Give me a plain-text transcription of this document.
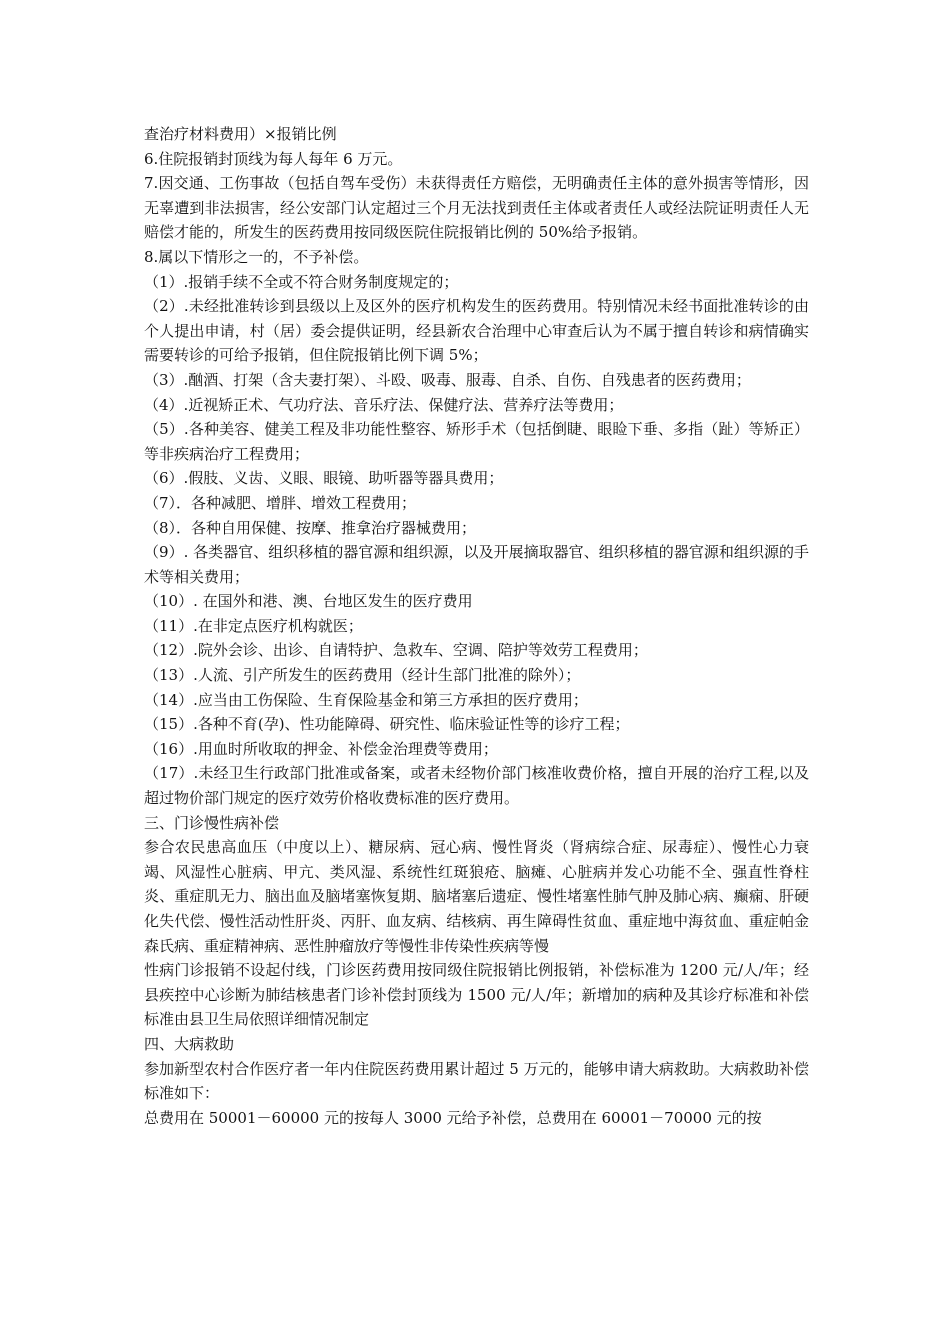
查治疗材料费用）×报销比例

6.住院报销封顶线为每人每年 6 万元。

7.因交通、工伤事故（包括自驾车受伤）未获得责任方赔偿，无明确责任主体的意外损害等情形，因无辜遭到非法损害，经公安部门认定超过三个月无法找到责任主体或者责任人或经法院证明责任人无赔偿才能的，所发生的医药费用按同级医院住院报销比例的 50%给予报销。

8.属以下情形之一的，不予补偿。

（1）.报销手续不全或不符合财务制度规定的；

（2）.未经批准转诊到县级以上及区外的医疗机构发生的医药费用。特别情况未经书面批准转诊的由个人提出申请，村（居）委会提供证明，经县新农合治理中心审查后认为不属于擅自转诊和病情确实需要转诊的可给予报销，但住院报销比例下调 5%；

（3）.酗酒、打架（含夫妻打架）、斗殴、吸毒、服毒、自杀、自伤、自残患者的医药费用；

（4）.近视矫正术、气功疗法、音乐疗法、保健疗法、营养疗法等费用；

（5）.各种美容、健美工程及非功能性整容、矫形手术（包括倒睫、眼睑下垂、多指（趾）等矫正）等非疾病治疗工程费用；

（6）.假肢、义齿、义眼、眼镜、助听器等器具费用；

（7）．各种减肥、增胖、增效工程费用；

（8）．各种自用保健、按摩、推拿治疗器械费用；

（9）. 各类器官、组织移植的器官源和组织源，以及开展摘取器官、组织移植的器官源和组织源的手术等相关费用；

（10）. 在国外和港、澳、台地区发生的医疗费用

（11）.在非定点医疗机构就医；

（12）.院外会诊、出诊、自请特护、急救车、空调、陪护等效劳工程费用；

（13）.人流、引产所发生的医药费用（经计生部门批准的除外）；

（14）.应当由工伤保险、生育保险基金和第三方承担的医疗费用；

（15）.各种不育(孕)、性功能障碍、研究性、临床验证性等的诊疗工程；

（16）.用血时所收取的押金、补偿金治理费等费用；

（17）.未经卫生行政部门批准或备案，或者未经物价部门核准收费价格，擅自开展的治疗工程,以及超过物价部门规定的医疗效劳价格收费标准的医疗费用。

三、门诊慢性病补偿

参合农民患高血压（中度以上）、糖尿病、冠心病、慢性肾炎（肾病综合症、尿毒症）、慢性心力衰竭、风湿性心脏病、甲亢、类风湿、系统性红斑狼疮、脑瘫、心脏病并发心功能不全、强直性脊柱炎、重症肌无力、脑出血及脑堵塞恢复期、脑堵塞后遗症、慢性堵塞性肺气肿及肺心病、癫痫、肝硬化失代偿、慢性活动性肝炎、丙肝、血友病、结核病、再生障碍性贫血、重症地中海贫血、重症帕金森氏病、重症精神病、恶性肿瘤放疗等慢性非传染性疾病等慢

性病门诊报销不设起付线，门诊医药费用按同级住院报销比例报销，补偿标准为 1200 元/人/年；经县疾控中心诊断为肺结核患者门诊补偿封顶线为 1500 元/人/年；新增加的病种及其诊疗标准和补偿标准由县卫生局依照详细情况制定

四、大病救助

参加新型农村合作医疗者一年内住院医药费用累计超过 5 万元的，能够申请大病救助。大病救助补偿标准如下：

总费用在 50001－60000 元的按每人 3000 元给予补偿，总费用在 60001－70000 元的按
